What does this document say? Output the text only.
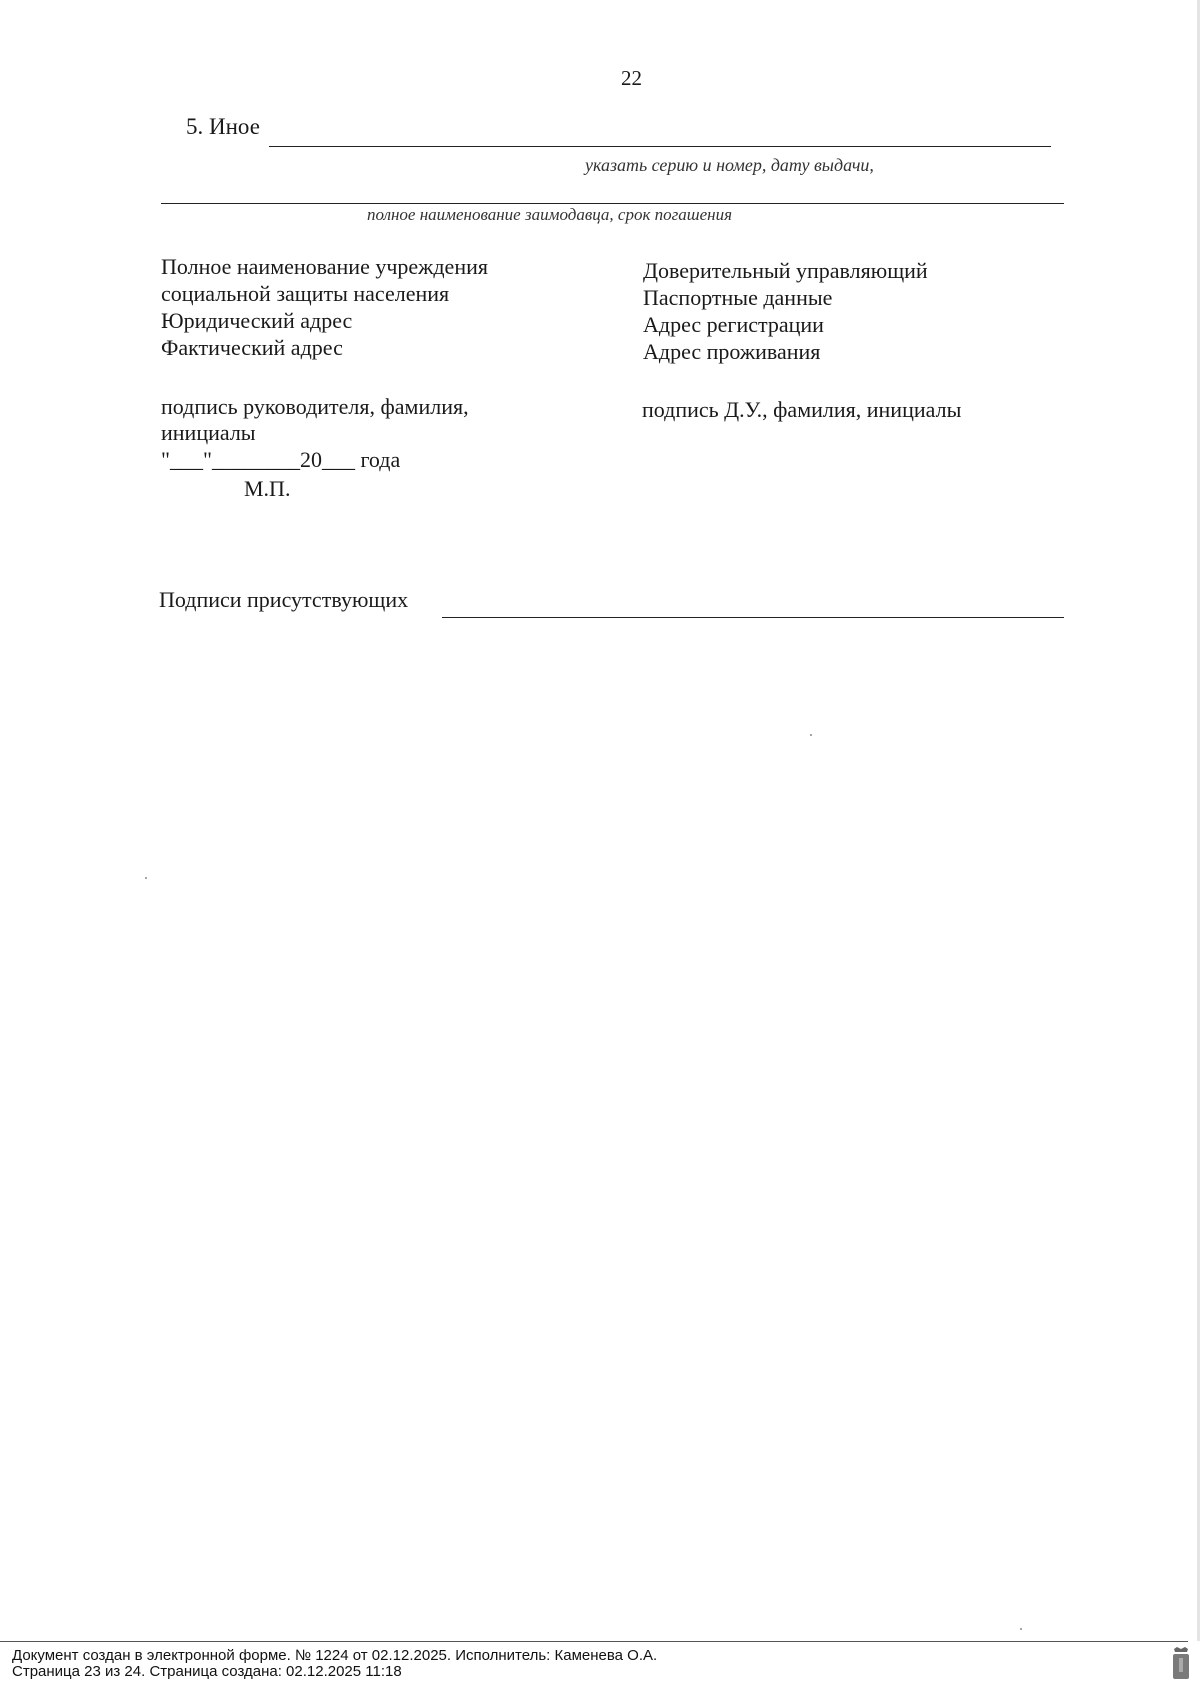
22
5. Иное
указать серию и номер, дату выдачи,
полное наименование заимодавца, срок погашения
Полное наименование учреждения
социальной защиты населения
Юридический адрес
Фактический адрес
Доверительный управляющий
Паспортные данные
Адрес регистрации
Адрес проживания
подпись руководителя, фамилия,
инициалы
подпись Д.У., фамилия, инициалы
"___"________20___ года
М.П.
Подписи присутствующих
Документ создан в электронной форме. № 1224 от 02.12.2025. Исполнитель: Каменева О.А.
Страница 23 из 24. Страница создана: 02.12.2025 11:18
